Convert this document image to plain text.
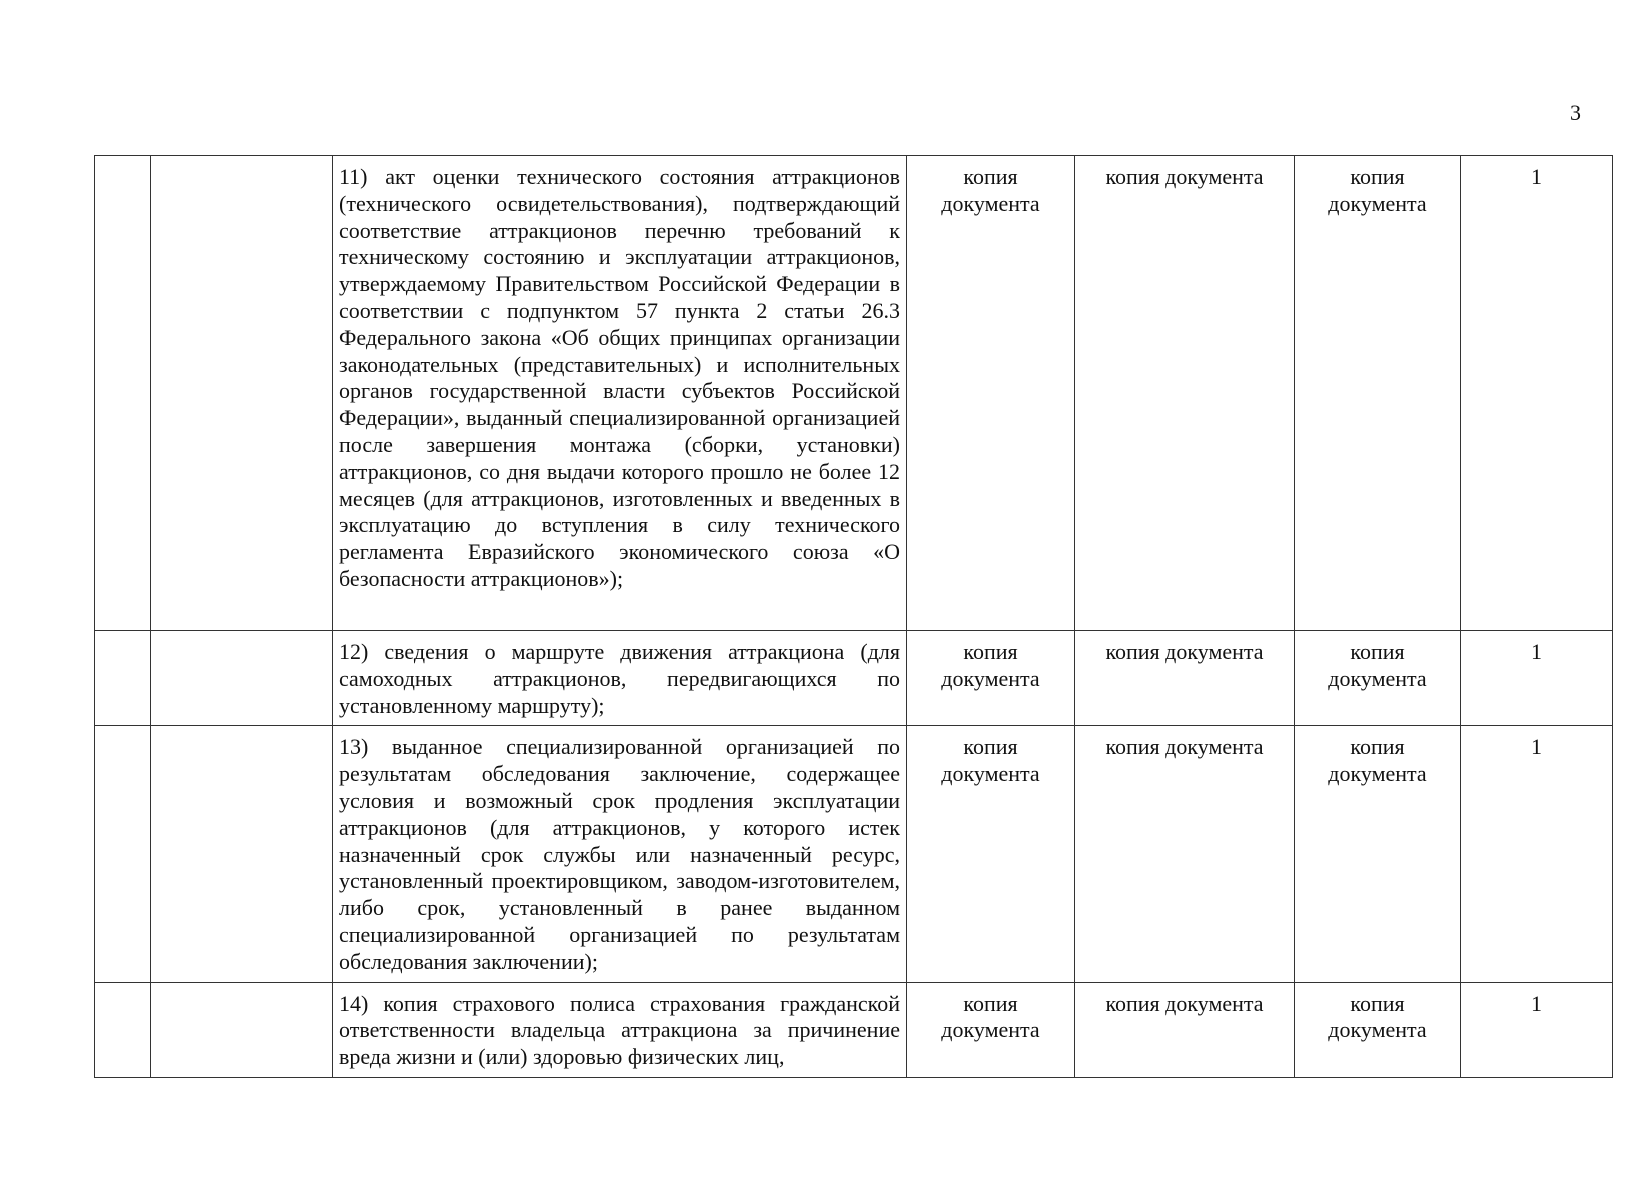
3
		11) акт оценки технического состояния аттракционов (технического освидетельствования), подтверждающий соответствие аттракционов перечню требований к техническому состоянию и эксплуатации аттракционов, утверждаемому Правительством Российской Федерации в соответствии с подпунктом 57 пункта 2 статьи 26.3 Федерального закона «Об общих принципах организации законодательных (представительных) и исполнительных органов государственной власти субъектов Российской Федерации», выданный специализированной организацией после завершения монтажа (сборки, установки) аттракционов, со дня выдачи которого прошло не более 12 месяцев (для аттракционов, изготовленных и введенных в эксплуатацию до вступления в силу технического регламента Евразийского экономического союза «О безопасности аттракционов»);	копия документа	копия документа	копия документа	1
		12) сведения о маршруте движения аттракциона (для самоходных аттракционов, передвигающихся по установленному маршруту);	копия документа	копия документа	копия документа	1
		13) выданное специализированной организацией по результатам обследования заключение, содержащее условия и возможный срок продления эксплуатации аттракционов (для аттракционов, у которого истек назначенный срок службы или назначенный ресурс, установленный проектировщиком, заводом-изготовителем, либо срок, установленный в ранее выданном специализированной организацией по результатам обследования заключении);	копия документа	копия документа	копия документа	1
		14) копия страхового полиса страхования гражданской ответственности владельца аттракциона за причинение вреда жизни и (или) здоровью физических лиц,	копия документа	копия документа	копия документа	1
